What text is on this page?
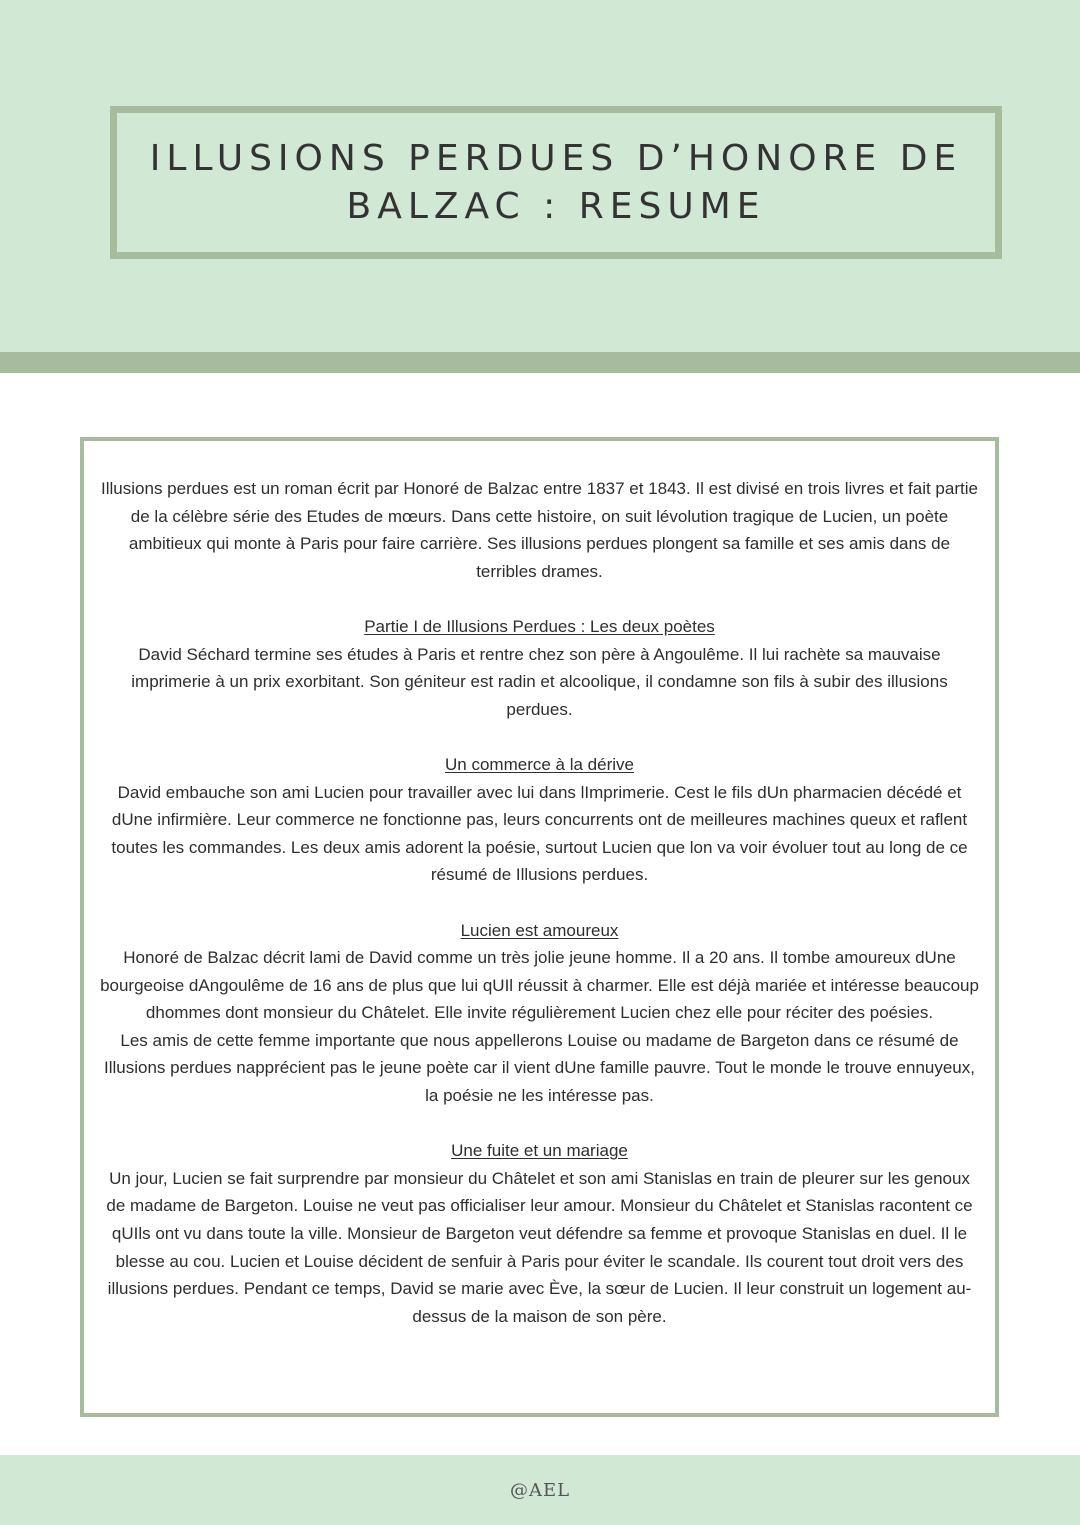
ILLUSIONS PERDUES D’HONORE DE BALZAC : RESUME

Illusions perdues est un roman écrit par Honoré de Balzac entre 1837 et 1843. Il est divisé en trois livres et fait partie de la célèbre série des Etudes de mœurs. Dans cette histoire, on suit lévolution tragique de Lucien, un poète ambitieux qui monte à Paris pour faire carrière. Ses illusions perdues plongent sa famille et ses amis dans de terribles drames.

Partie I de Illusions Perdues : Les deux poètes

David Séchard termine ses études à Paris et rentre chez son père à Angoulême. Il lui rachète sa mauvaise imprimerie à un prix exorbitant. Son géniteur est radin et alcoolique, il condamne son fils à subir des illusions perdues.

Un commerce à la dérive

David embauche son ami Lucien pour travailler avec lui dans lImprimerie. Cest le fils dUn pharmacien décédé et dUne infirmière. Leur commerce ne fonctionne pas, leurs concurrents ont de meilleures machines queux et raflent toutes les commandes. Les deux amis adorent la poésie, surtout Lucien que lon va voir évoluer tout au long de ce résumé de Illusions perdues.

Lucien est amoureux

Honoré de Balzac décrit lami de David comme un très jolie jeune homme. Il a 20 ans. Il tombe amoureux dUne bourgeoise dAngoulême de 16 ans de plus que lui qUIl réussit à charmer. Elle est déjà mariée et intéresse beaucoup dhommes dont monsieur du Châtelet. Elle invite régulièrement Lucien chez elle pour réciter des poésies.

Les amis de cette femme importante que nous appellerons Louise ou madame de Bargeton dans ce résumé de Illusions perdues napprécient pas le jeune poète car il vient dUne famille pauvre. Tout le monde le trouve ennuyeux, la poésie ne les intéresse pas.

Une fuite et un mariage

Un jour, Lucien se fait surprendre par monsieur du Châtelet et son ami Stanislas en train de pleurer sur les genoux de madame de Bargeton. Louise ne veut pas officialiser leur amour. Monsieur du Châtelet et Stanislas racontent ce qUIls ont vu dans toute la ville. Monsieur de Bargeton veut défendre sa femme et provoque Stanislas en duel. Il le blesse au cou. Lucien et Louise décident de senfuir à Paris pour éviter le scandale. Ils courent tout droit vers des illusions perdues. Pendant ce temps, David se marie avec Ève, la sœur de Lucien. Il leur construit un logement au-dessus de la maison de son père.

@AEL
